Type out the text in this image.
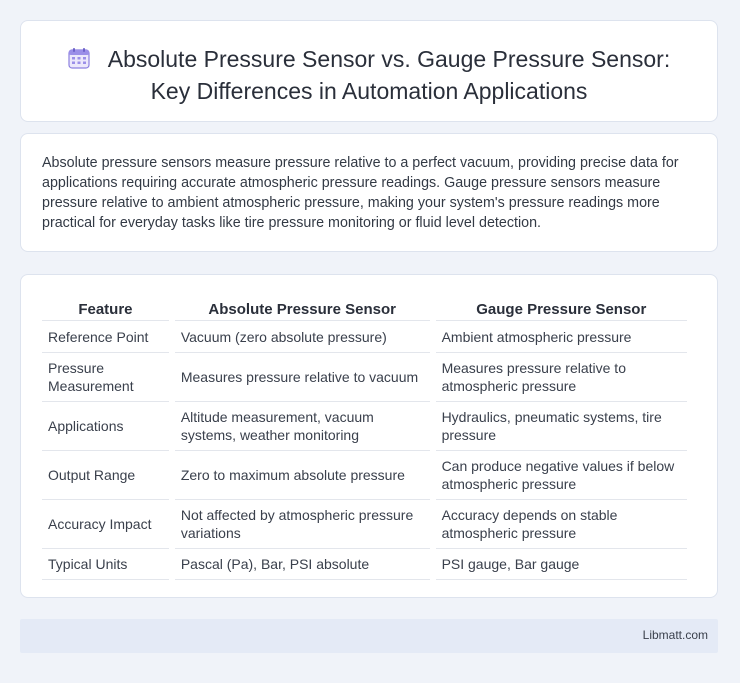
Absolute Pressure Sensor vs. Gauge Pressure Sensor:
Key Differences in Automation Applications

Absolute pressure sensors measure pressure relative to a perfect vacuum, providing precise data for applications requiring accurate atmospheric pressure readings. Gauge pressure sensors measure pressure relative to ambient atmospheric pressure, making your system's pressure readings more practical for everyday tasks like tire pressure monitoring or fluid level detection.

Feature	Absolute Pressure Sensor	Gauge Pressure Sensor
Reference Point	Vacuum (zero absolute pressure)	Ambient atmospheric pressure
Pressure Measurement	Measures pressure relative to vacuum	Measures pressure relative to atmospheric pressure
Applications	Altitude measurement, vacuum systems, weather monitoring	Hydraulics, pneumatic systems, tire pressure
Output Range	Zero to maximum absolute pressure	Can produce negative values if below atmospheric pressure
Accuracy Impact	Not affected by atmospheric pressure variations	Accuracy depends on stable atmospheric pressure
Typical Units	Pascal (Pa), Bar, PSI absolute	PSI gauge, Bar gauge
Libmatt.com
